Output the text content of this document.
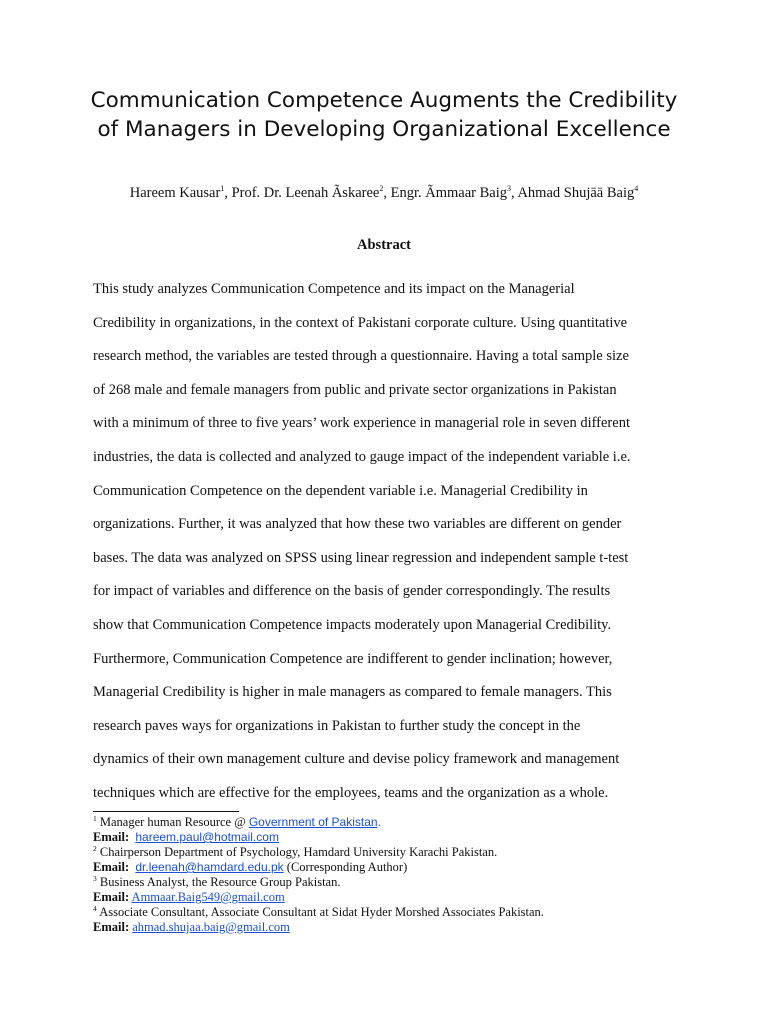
Communication Competence Augments the Credibility of Managers in Developing Organizational Excellence
Hareem Kausar$^1$, Prof. Dr. Leenah Ãskaree$^2$, Engr. Ãmmaar Baig$^3$, Ahmad Shujāā Baig$^4$
Abstract
This study analyzes Communication Competence and its impact on the Managerial
Credibility in organizations, in the context of Pakistani corporate culture. Using quantitative
research method, the variables are tested through a questionnaire. Having a total sample size
of 268 male and female managers from public and private sector organizations in Pakistan
with a minimum of three to five years’ work experience in managerial role in seven different
industries, the data is collected and analyzed to gauge impact of the independent variable i.e.
Communication Competence on the dependent variable i.e. Managerial Credibility in
organizations. Further, it was analyzed that how these two variables are different on gender
bases. The data was analyzed on SPSS using linear regression and independent sample t-test
for impact of variables and difference on the basis of gender correspondingly. The results
show that Communication Competence impacts moderately upon Managerial Credibility.
Furthermore, Communication Competence are indifferent to gender inclination; however,
Managerial Credibility is higher in male managers as compared to female managers. This
research paves ways for organizations in Pakistan to further study the concept in the
dynamics of their own management culture and devise policy framework and management
techniques which are effective for the employees, teams and the organization as a whole.
$^1$ Manager human Resource @ Government of Pakistan.
Email: hareem.paul@hotmail.com
$^2$ Chairperson Department of Psychology, Hamdard University Karachi Pakistan.
Email: dr.leenah@hamdard.edu.pk (Corresponding Author)
$^3$ Business Analyst, the Resource Group Pakistan.
Email: Ammaar.Baig549@gmail.com
$^4$ Associate Consultant, Associate Consultant at Sidat Hyder Morshed Associates Pakistan.
Email: ahmad.shujaa.baig@gmail.com
